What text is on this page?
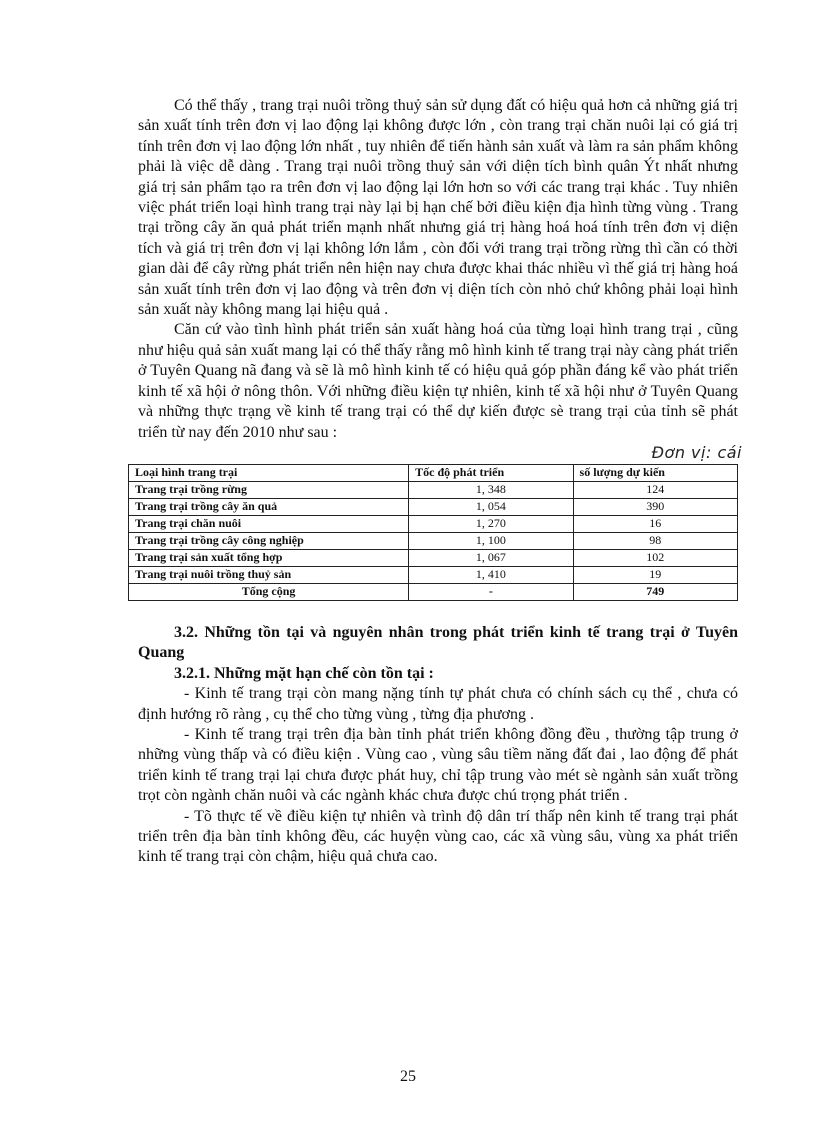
Có thể thấy , trang trại nuôi trồng thuỷ sản sử dụng đất có hiệu quả hơn cả những giá trị sản xuất tính trên đơn vị lao động lại không được lớn , còn trang trại chăn nuôi lại có giá trị tính trên đơn vị lao động lớn nhất , tuy nhiên để tiến hành sản xuất và làm ra sản phẩm không phải là việc dễ dàng . Trang trại nuôi trồng thuỷ sản với diện tích bình quân Ýt nhất nhưng giá trị sản phẩm tạo ra trên đơn vị lao động lại lớn hơn so với các trang trại khác . Tuy nhiên việc phát triển loại hình trang trại này lại bị hạn chế bởi điều kiện địa hình từng vùng . Trang trại trồng cây ăn quả phát triển mạnh nhất nhưng giá trị hàng hoá hoá tính trên đơn vị diện tích và giá trị trên đơn vị lại không lớn lắm , còn đối với trang trại trồng rừng thì cần có thời gian dài để cây rừng phát triển nên hiện nay chưa được khai thác nhiều vì thế giá trị hàng hoá sản xuất tính trên đơn vị lao động và trên đơn vị diện tích còn nhỏ chứ không phải loại hình sản xuất này không mang lại hiệu quả .

Căn cứ vào tình hình phát triển sản xuất hàng hoá của từng loại hình trang trại , cũng như hiệu quả sản xuất mang lại có thể thấy rằng mô hình kinh tế trang trại này càng phát triển ở Tuyên Quang nã đang và sẽ là mô hình kinh tế có hiệu quả góp phần đáng kể vào phát triển kinh tế xã hội ở nông thôn. Với những điều kiện tự nhiên, kinh tế xã hội như ở Tuyên Quang và những thực trạng về kinh tế trang trại có thể dự kiến được sè trang trại của tỉnh sẽ phát triển từ nay đến 2010 như sau :

Đơn vị: cái
Loại hình trang trại	Tốc độ phát triển	số lượng dự kiến
Trang trại trồng rừng	1, 348	124
Trang trại trồng cây ăn quả	1, 054	390
Trang trại chăn nuôi	1, 270	16
Trang trại trồng cây công nghiệp	1, 100	98
Trang trại sản xuất tổng hợp	1, 067	102
Trang trại nuôi trồng thuỷ sản	1, 410	19
Tổng cộng	-	749
3.2. Những tồn tại và nguyên nhân trong phát triển kinh tế trang trại ở Tuyên Quang
3.2.1. Những mặt hạn chế còn tồn tại :

- Kinh tế trang trại còn mang nặng tính tự phát chưa có chính sách cụ thể , chưa có định hướng rõ ràng , cụ thể cho từng vùng , từng địa phương .

- Kinh tế trang trại trên địa bàn tỉnh phát triển không đồng đều , thường tập trung ở những vùng thấp và có điều kiện . Vùng cao , vùng sâu tiềm năng đất đai , lao động để phát triển kinh tế trang trại lại chưa được phát huy, chỉ tập trung vào mét sè ngành sản xuất trồng trọt còn ngành chăn nuôi và các ngành khác chưa được chú trọng phát triển .

- Tõ thực tế về điều kiện tự nhiên và trình độ dân trí thấp nên kinh tế trang trại phát triển trên địa bàn tỉnh không đều, các huyện vùng cao, các xã vùng sâu, vùng xa phát triển kinh tế trang trại còn chậm, hiệu quả chưa cao.

25
